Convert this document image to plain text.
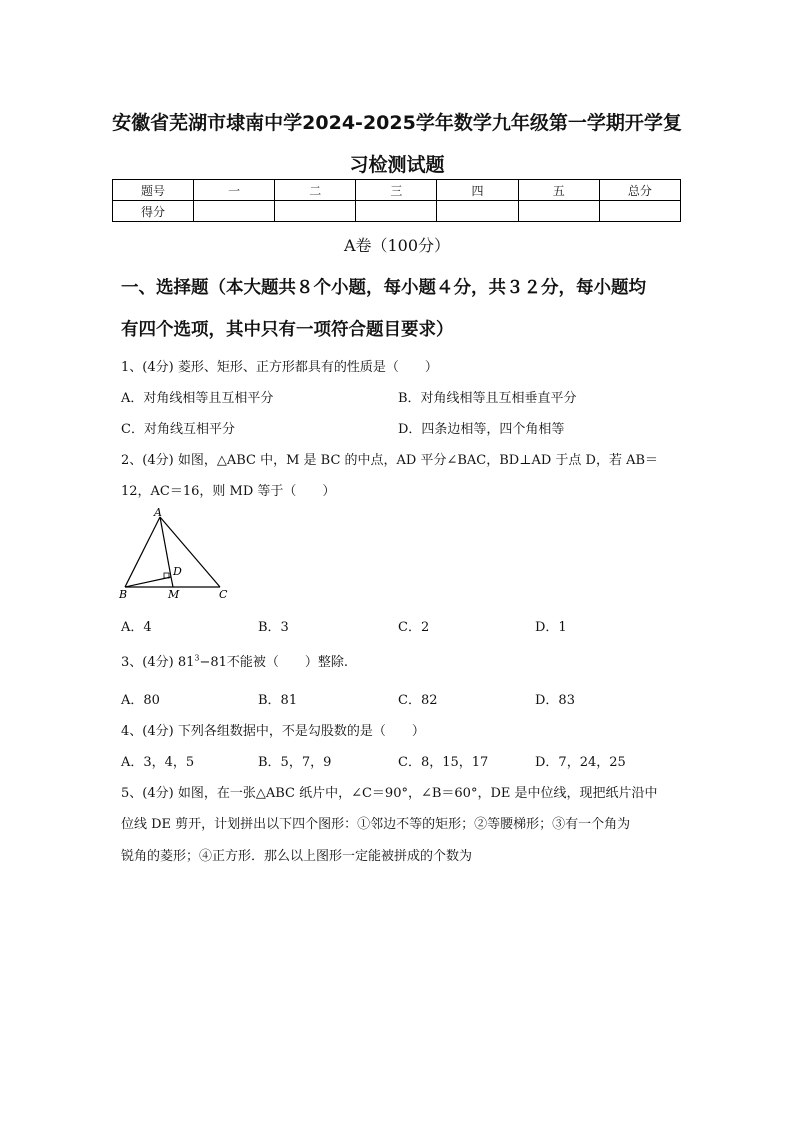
安徽省芜湖市埭南中学2024-2025学年数学九年级第一学期开学复
习检测试题
题号	一	二	三	四	五	总分
得分						
A卷（100分）
一、选择题（本大题共８个小题，每小题４分，共３２分，每小题均
有四个选项，其中只有一项符合题目要求）
1、(4分) 菱形、矩形、正方形都具有的性质是（　　）
A．对角线相等且互相平分	B．对角线相等且互相垂直平分
C．对角线互相平分	D．四条边相等，四个角相等
2、(4分) 如图，△ABC 中，M 是 BC 的中点，AD 平分∠BAC，BD⊥AD 于点 D，若 AB＝
12，AC＝16，则 MD 等于（　　）
A
B	C
D
M
A．4	B．3	C．2	D．1
3、(4分) $81^3-81$不能被（　　）整除.
A．80	B．81	C．82	D．83
4、(4分) 下列各组数据中，不是勾股数的是（　　）
A．3，4，5	B．5，7，9	C．8，15，17	D．7，24，25
5、(4分) 如图，在一张△ABC 纸片中，∠C＝90°，∠B＝60°，DE 是中位线，现把纸片沿中
位线 DE 剪开，计划拼出以下四个图形：①邻边不等的矩形；②等腰梯形；③有一个角为
锐角的菱形；④正方形．那么以上图形一定能被拼成的个数为
